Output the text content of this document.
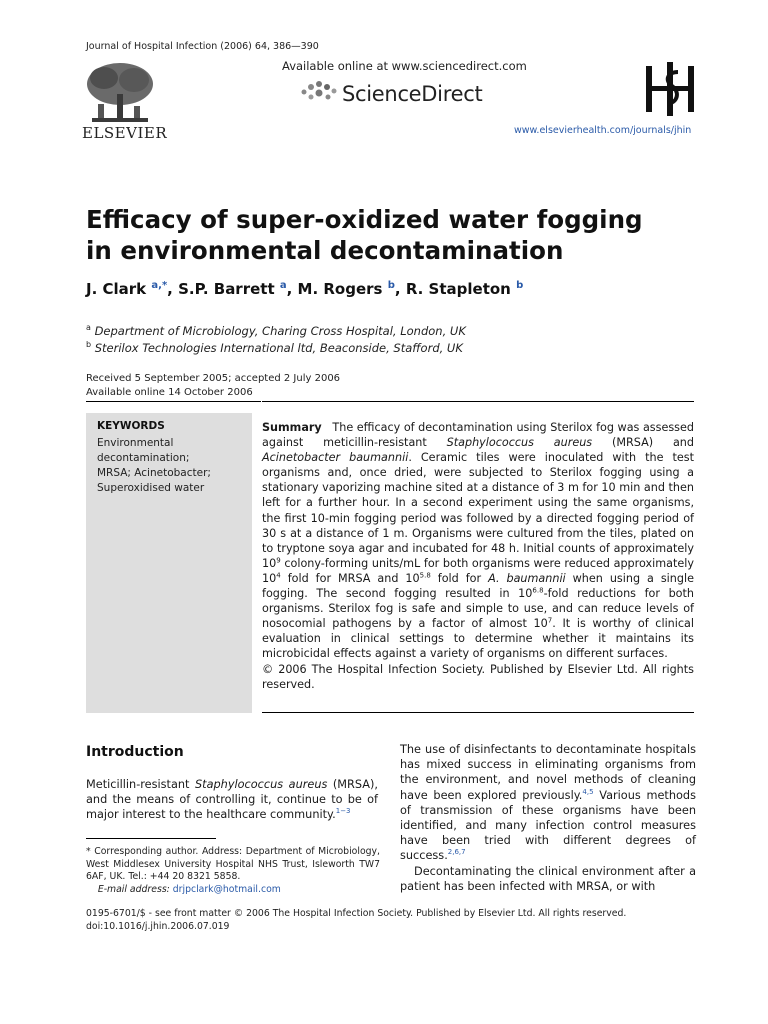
Journal of Hospital Infection (2006) 64, 386—390
ELSEVIER
Available online at www.sciencedirect.com
ScienceDirect
www.elsevierhealth.com/journals/jhin
Efficacy of super-oxidized water fogging
in environmental decontamination
J. Clark $^{a,*}$, S.P. Barrett $^a$, M. Rogers $^b$, R. Stapleton $^b$
$^a$ Department of Microbiology, Charing Cross Hospital, London, UK
$^b$ Sterilox Technologies International ltd, Beaconside, Stafford, UK
Received 5 September 2005; accepted 2 July 2006
Available online 14 October 2006
KEYWORDS
Environmental
decontamination;
MRSA; Acinetobacter;
Superoxidised water
Summary The efficacy of decontamination using Sterilox fog was assessed against meticillin-resistant Staphylococcus aureus (MRSA) and Acinetobacter baumannii. Ceramic tiles were inoculated with the test organisms and, once dried, were subjected to Sterilox fogging using a stationary vaporizing machine sited at a distance of 3 m for 10 min and then left for a further hour. In a second experiment using the same organisms, the first 10-min fogging period was followed by a directed fogging period of 30 s at a distance of 1 m. Organisms were cultured from the tiles, plated on to tryptone soya agar and incubated for 48 h. Initial counts of approximately $10^9$ colony-forming units/mL for both organisms were reduced approximately $10^4$ fold for MRSA and $10^{5.8}$ fold for A. baumannii when using a single fogging. The second fogging resulted in $10^{6.8}$-fold reductions for both organisms. Sterilox fog is safe and simple to use, and can reduce levels of nosocomial pathogens by a factor of almost $10^7$. It is worthy of clinical evaluation in clinical settings to determine whether it maintains its microbicidal effects against a variety of organisms on different surfaces.
© 2006 The Hospital Infection Society. Published by Elsevier Ltd. All rights reserved.
Introduction
Meticillin-resistant Staphylococcus aureus (MRSA), and the means of controlling it, continue to be of major interest to the healthcare community.$^{1-3}$
* Corresponding author. Address: Department of Microbiology, West Middlesex University Hospital NHS Trust, Isleworth TW7 6AF, UK. Tel.: +44 20 8321 5858.
E-mail address: drjpclark@hotmail.com

The use of disinfectants to decontaminate hospitals has mixed success in eliminating organisms from the environment, and novel methods of cleaning have been explored previously.$^{4,5}$ Various methods of transmission of these organisms have been identified, and many infection control measures have been tried with different degrees of success.$^{2,6,7}$

Decontaminating the clinical environment after a patient has been infected with MRSA, or with

0195-6701/$ - see front matter © 2006 The Hospital Infection Society. Published by Elsevier Ltd. All rights reserved.
doi:10.1016/j.jhin.2006.07.019
